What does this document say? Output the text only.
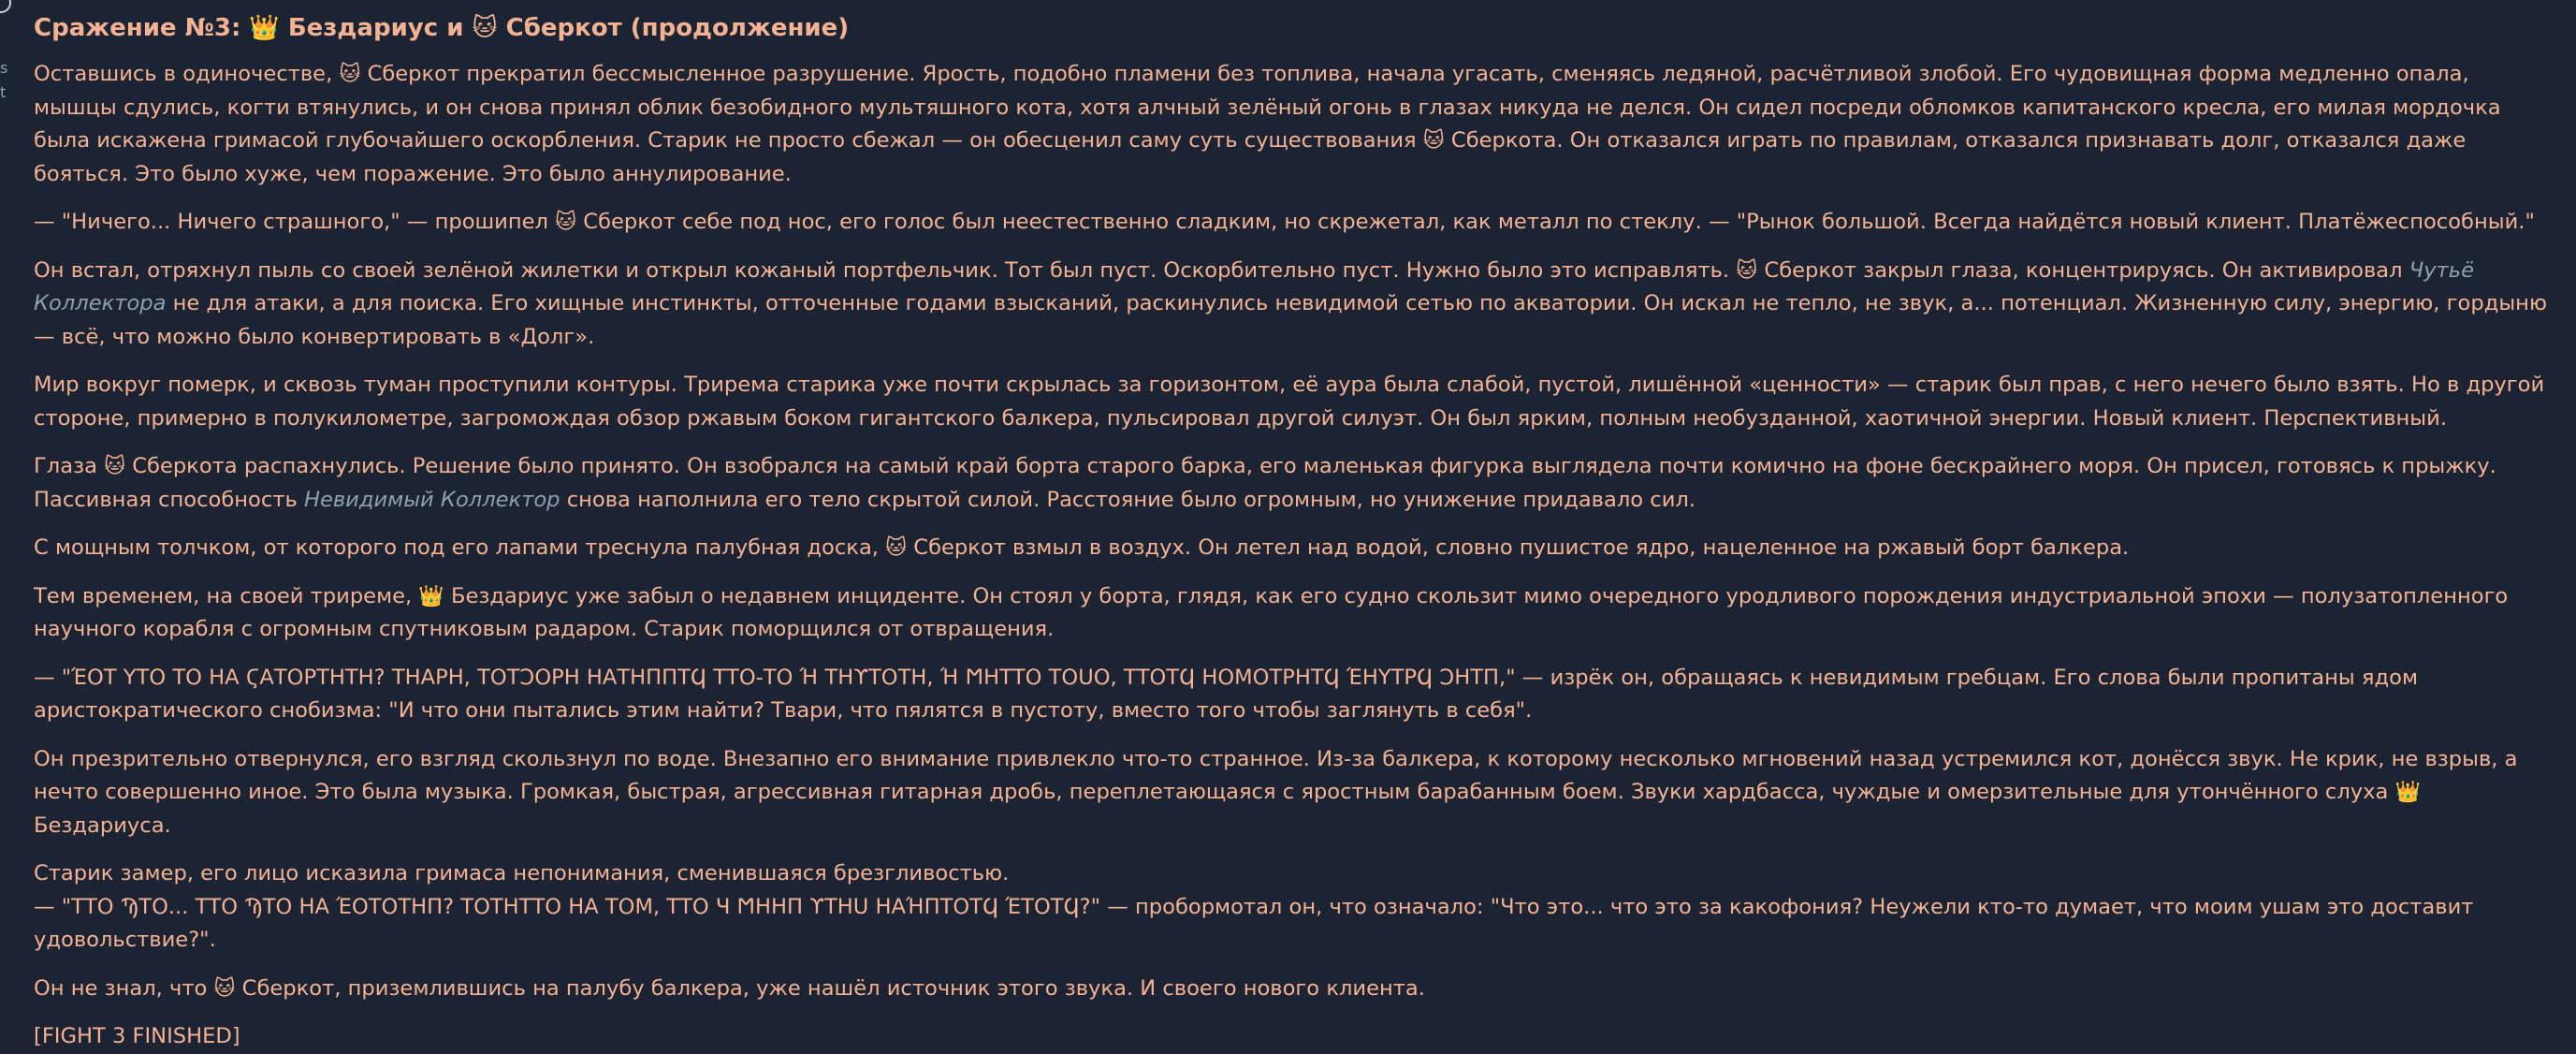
s
t
Сражение №3: 👑 Бездариус и 🐱 Сберкот (продолжение)

Оставшись в одиночестве, 🐱 Сберкот прекратил бессмысленное разрушение. Ярость, подобно пламени без топлива, начала угасать, сменяясь ледяной, расчётливой злобой. Его чудовищная форма медленно опала, мышцы сдулись, когти втянулись, и он снова принял облик безобидного мультяшного кота, хотя алчный зелёный огонь в глазах никуда не делся. Он сидел посреди обломков капитанского кресла, его милая мордочка была искажена гримасой глубочайшего оскорбления. Старик не просто сбежал — он обесценил саму суть существования 🐱 Сберкота. Он отказался играть по правилам, отказался признавать долг, отказался даже бояться. Это было хуже, чем поражение. Это было аннулирование.

— "Ничего... Ничего страшного," — прошипел 🐱 Сберкот себе под нос, его голос был неестественно сладким, но скрежетал, как металл по стеклу. — "Рынок большой. Всегда найдётся новый клиент. Платёжеспособный."

Он встал, отряхнул пыль со своей зелёной жилетки и открыл кожаный портфельчик. Тот был пуст. Оскорбительно пуст. Нужно было это исправлять. 🐱 Сберкот закрыл глаза, концентрируясь. Он активировал Чутьё Коллектора не для атаки, а для поиска. Его хищные инстинкты, отточенные годами взысканий, раскинулись невидимой сетью по акватории. Он искал не тепло, не звук, а... потенциал. Жизненную силу, энергию, гордыню — всё, что можно было конвертировать в «Долг».

Мир вокруг померк, и сквозь туман проступили контуры. Трирема старика уже почти скрылась за горизонтом, её аура была слабой, пустой, лишённой «ценности» — старик был прав, с него нечего было взять. Но в другой стороне, примерно в полукилометре, загромождая обзор ржавым боком гигантского балкера, пульсировал другой силуэт. Он был ярким, полным необузданной, хаотичной энергии. Новый клиент. Перспективный.

Глаза 🐱 Сберкота распахнулись. Решение было принято. Он взобрался на самый край борта старого барка, его маленькая фигурка выглядела почти комично на фоне бескрайнего моря. Он присел, готовясь к прыжку. Пассивная способность Невидимый Коллектор снова наполнила его тело скрытой силой. Расстояние было огромным, но унижение придавало сил.

С мощным толчком, от которого под его лапами треснула палубная доска, 🐱 Сберкот взмыл в воздух. Он летел над водой, словно пушистое ядро, нацеленное на ржавый борт балкера.

Тем временем, на своей триреме, 👑 Бездариус уже забыл о недавнем инциденте. Он стоял у борта, глядя, как его судно скользит мимо очередного уродливого порождения индустриальной эпохи — полузатопленного научного корабля с огромным спутниковым радаром. Старик поморщился от отвращения.

— "ΈΟΤ ΥΤΟ ΤΟ ΗΑ ϚΑΤΟΡΤΗΤΗ? ΤΗΑΡΗ, ΤΟΤϽΟΡΗ ΗΑΤΗΠΠΤϤ ΤΤΟ-ΤΟ Ή ΤΗϒΤΟΤΗ, Ή ϺΗΤΤΟ ΤΟUΟ, ΤΤΟΤϤ ΗΟΜΟΤΡΗΤϤ ΈΗΥΤΡϤ ϽΗΤΠ," — изрёк он, обращаясь к невидимым гребцам. Его слова были пропитаны ядом аристократического снобизма: "И что они пытались этим найти? Твари, что пялятся в пустоту, вместо того чтобы заглянуть в себя".

Он презрительно отвернулся, его взгляд скользнул по воде. Внезапно его внимание привлекло что-то странное. Из-за балкера, к которому несколько мгновений назад устремился кот, донёсся звук. Не крик, не взрыв, а нечто совершенно иное. Это была музыка. Громкая, быстрая, агрессивная гитарная дробь, переплетающаяся с яростным барабанным боем. Звуки хардбасса, чуждые и омерзительные для утончённого слуха 👑 Бездариуса.

Старик замер, его лицо исказила гримаса непонимания, сменившаяся брезгливостью.
— "ΤΤΟ ϠΤΟ... ΤΤΟ ϠΤΟ ΗΑ ΈΟΤΟΤΗΠ? ΤΟΤΗΤΤΟ ΗΑ ΤΟΜ, ΤΤΟ Ч ϺΗΗΠ ϒΤΗU ΗΑΉΠΤΟΤϤ ΈΤΟΤϤ?" — пробормотал он, что означало: "Что это... что это за какофония? Неужели кто-то думает, что моим ушам это доставит удовольствие?".

Он не знал, что 🐱 Сберкот, приземлившись на палубу балкера, уже нашёл источник этого звука. И своего нового клиента.

[FIGHT 3 FINISHED]
